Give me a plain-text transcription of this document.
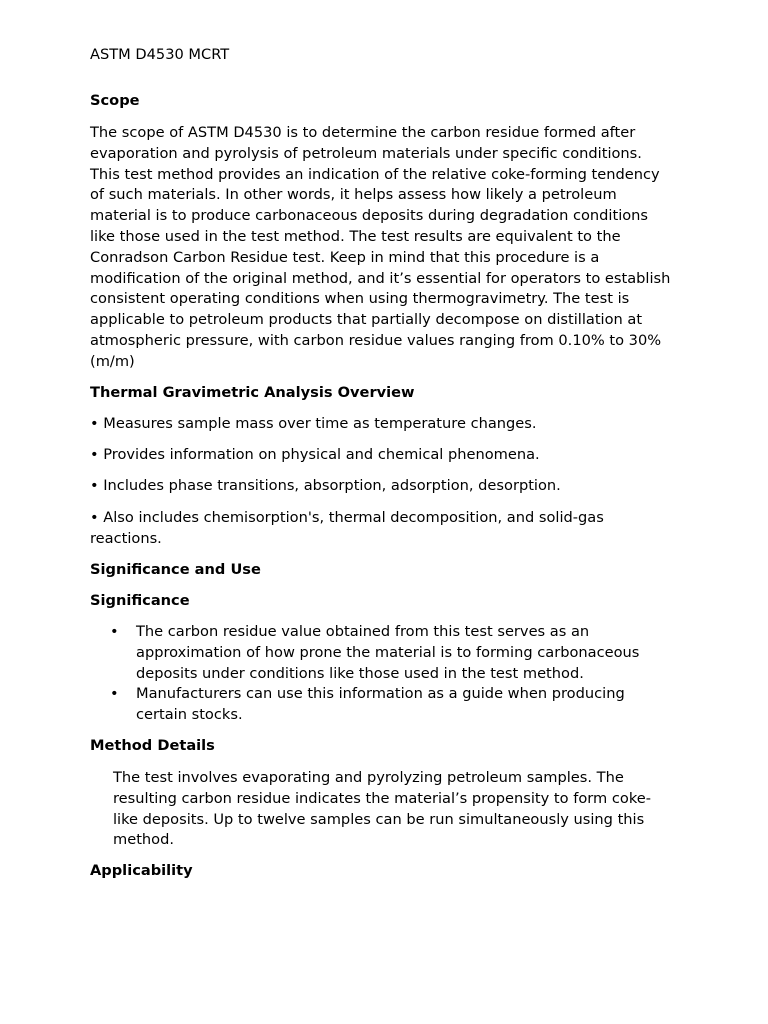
ASTM D4530 MCRT

Scope

The scope of ASTM D4530 is to determine the carbon residue formed after evaporation and pyrolysis of petroleum materials under specific conditions. This test method provides an indication of the relative coke-forming tendency of such materials. In other words, it helps assess how likely a petroleum material is to produce carbonaceous deposits during degradation conditions like those used in the test method. The test results are equivalent to the Conradson Carbon Residue test. Keep in mind that this procedure is a modification of the original method, and it’s essential for operators to establish consistent operating conditions when using thermogravimetry. The test is applicable to petroleum products that partially decompose on distillation at atmospheric pressure, with carbon residue values ranging from 0.10% to 30% (m/m)

Thermal Gravimetric Analysis Overview

• Measures sample mass over time as temperature changes.

• Provides information on physical and chemical phenomena.

• Includes phase transitions, absorption, adsorption, desorption.

• Also includes chemisorption's, thermal decomposition, and solid-gas reactions.

Significance and Use

Significance

• The carbon residue value obtained from this test serves as an approximation of how prone the material is to forming carbonaceous deposits under conditions like those used in the test method.
• Manufacturers can use this information as a guide when producing certain stocks.

Method Details

The test involves evaporating and pyrolyzing petroleum samples. The resulting carbon residue indicates the material’s propensity to form coke-like deposits. Up to twelve samples can be run simultaneously using this method.

Applicability
